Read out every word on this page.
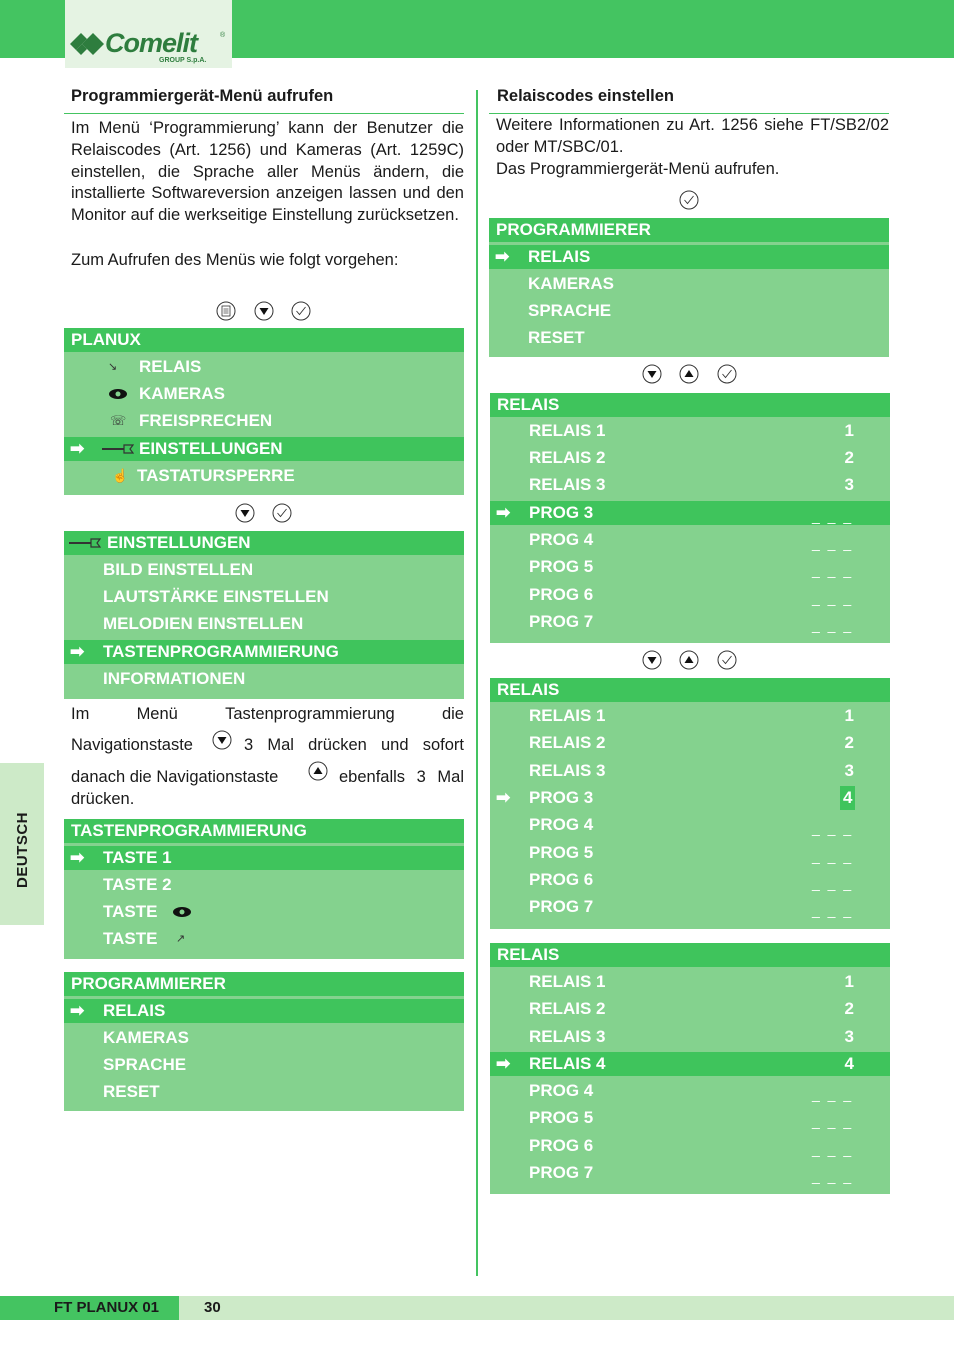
Comelit	®
GROUP S.p.A.
Programmiergerät-Menü aufrufen
Im Menü ‘Programmierung’ kann der Benutzer die Relaiscodes (Art. 1256) und Kameras (Art. 1259C) einstellen, die Sprache aller Menüs ändern, die installierte Softwareversion anzeigen lassen und den Monitor auf die werkseitige Einstellung zurücksetzen.
Zum Aufrufen des Menüs wie folgt vorgehen:
PLANUX
↘ RELAIS
KAMERAS
☏ FREISPRECHEN
➡	EINSTELLUNGEN
☝ TASTATURSPERRE
EINSTELLUNGEN
BILD EINSTELLEN
LAUTSTÄRKE EINSTELLEN
MELODIEN EINSTELLEN
➡ TASTENPROGRAMMIERUNG
INFORMATIONEN
Im	Menü	Tastenprogrammierung	die
Navigationstaste	3 Mal drücken und sofort
danach die Navigationstaste	ebenfalls 3 Mal
drücken.
TASTENPROGRAMMIERUNG
➡ TASTE 1
TASTE 2
TASTE
TASTE ↗
PROGRAMMIERER
➡ RELAIS
KAMERAS
SPRACHE
RESET
Relaiscodes einstellen
Weitere Informationen zu Art. 1256 siehe FT/SB2/02 oder MT/SBC/01.
Das Programmiergerät-Menü aufrufen.
PROGRAMMIERER
➡ RELAIS
KAMERAS
SPRACHE
RESET
RELAIS
RELAIS 1	1
RELAIS 2	2
RELAIS 3	3
➡ PROG 3	_ _ _
PROG 4	_ _ _
PROG 5	_ _ _
PROG 6	_ _ _
PROG 7	_ _ _
RELAIS
RELAIS 1	1
RELAIS 2	2
RELAIS 3	3
➡ PROG 3	4
PROG 4	_ _ _
PROG 5	_ _ _
PROG 6	_ _ _
PROG 7	_ _ _
RELAIS
RELAIS 1	1
RELAIS 2	2
RELAIS 3	3
➡ RELAIS 4	4
PROG 4	_ _ _
PROG 5	_ _ _
PROG 6	_ _ _
PROG 7	_ _ _
DEUTSCH
FT PLANUX 01	30
